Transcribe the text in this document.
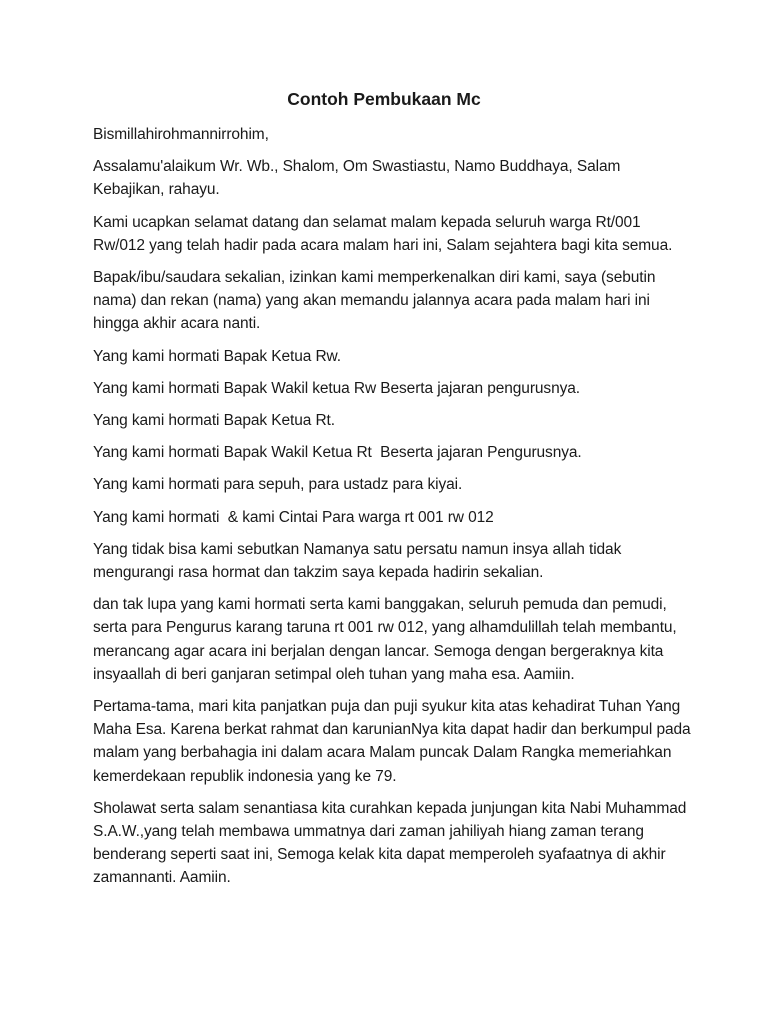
Contoh Pembukaan Mc

Bismillahirohmannirrohim,

Assalamu'alaikum Wr. Wb., Shalom, Om Swastiastu, Namo Buddhaya, Salam Kebajikan, rahayu.

Kami ucapkan selamat datang dan selamat malam kepada seluruh warga Rt/001 Rw/012 yang telah hadir pada acara malam hari ini, Salam sejahtera bagi kita semua.

Bapak/ibu/saudara sekalian, izinkan kami memperkenalkan diri kami, saya (sebutin nama) dan rekan (nama) yang akan memandu jalannya acara pada malam hari ini hingga akhir acara nanti.

Yang kami hormati Bapak Ketua Rw.

Yang kami hormati Bapak Wakil ketua Rw Beserta jajaran pengurusnya.

Yang kami hormati Bapak Ketua Rt.

Yang kami hormati Bapak Wakil Ketua Rt  Beserta jajaran Pengurusnya.

Yang kami hormati para sepuh, para ustadz para kiyai.

Yang kami hormati  & kami Cintai Para warga rt 001 rw 012

Yang tidak bisa kami sebutkan Namanya satu persatu namun insya allah tidak mengurangi rasa hormat dan takzim saya kepada hadirin sekalian.

dan tak lupa yang kami hormati serta kami banggakan, seluruh pemuda dan pemudi, serta para Pengurus karang taruna rt 001 rw 012, yang alhamdulillah telah membantu, merancang agar acara ini berjalan dengan lancar. Semoga dengan bergeraknya kita insyaallah di beri ganjaran setimpal oleh tuhan yang maha esa. Aamiin.

Pertama-tama, mari kita panjatkan puja dan puji syukur kita atas kehadirat Tuhan Yang Maha Esa. Karena berkat rahmat dan karunianNya kita dapat hadir dan berkumpul pada malam yang berbahagia ini dalam acara Malam puncak Dalam Rangka memeriahkan kemerdekaan republik indonesia yang ke 79.

Sholawat serta salam senantiasa kita curahkan kepada junjungan kita Nabi Muhammad S.A.W.,yang telah membawa ummatnya dari zaman jahiliyah hiang zaman terang benderang seperti saat ini, Semoga kelak kita dapat memperoleh syafaatnya di akhir zamannanti. Aamiin.
